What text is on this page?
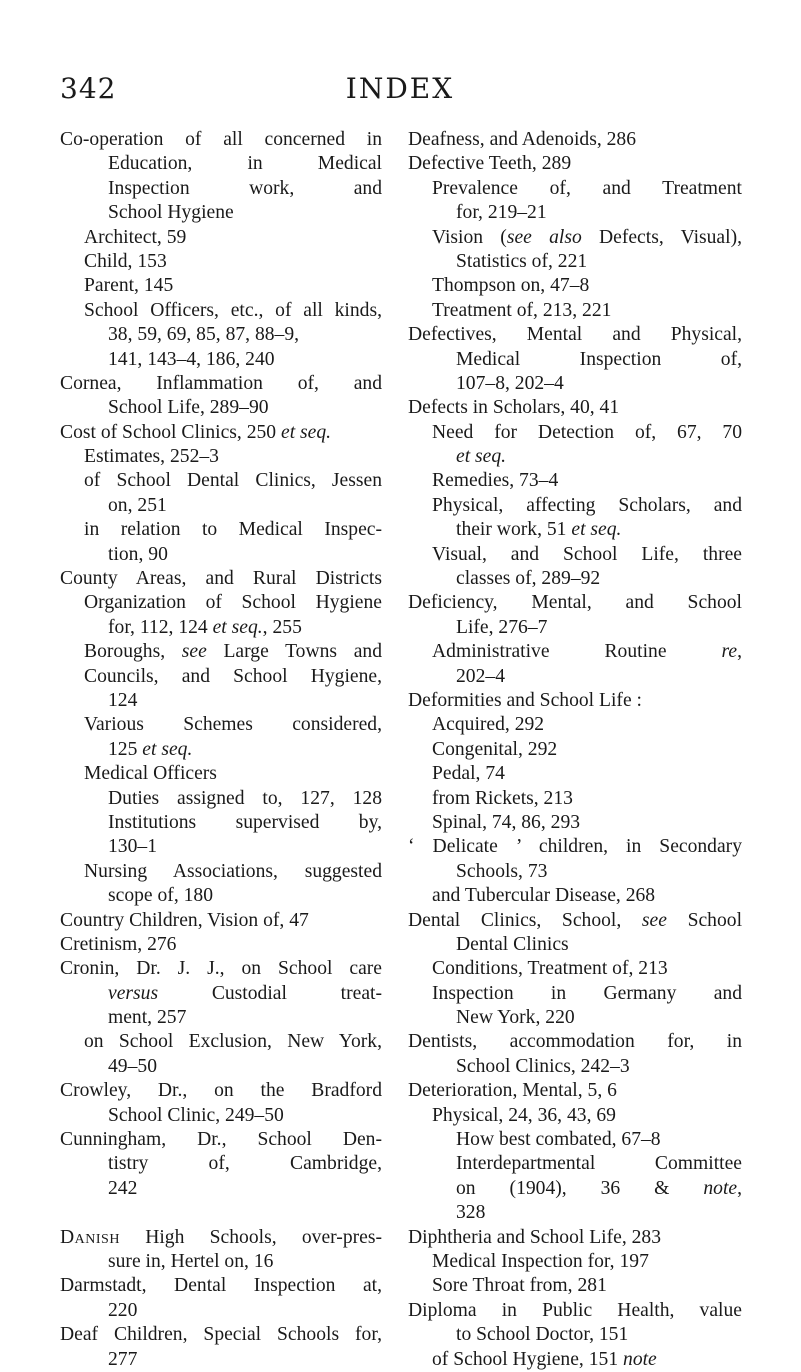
342	INDEX
Co-operation of all concerned in
Education, in Medical
Inspection work, and
School Hygiene
Architect, 59
Child, 153
Parent, 145
School Officers, etc., of all kinds,
38, 59, 69, 85, 87, 88–9,
141, 143–4, 186, 240
Cornea, Inflammation of, and
School Life, 289–90
Cost of School Clinics, 250 et seq.
Estimates, 252–3
of School Dental Clinics, Jessen
on, 251
in relation to Medical Inspec-
tion, 90
County Areas, and Rural Districts
Organization of School Hygiene
for, 112, 124 et seq., 255
Boroughs, see Large Towns and
Councils, and School Hygiene,
124
Various Schemes considered,
125 et seq.
Medical Officers
Duties assigned to, 127, 128
Institutions supervised by,
130–1
Nursing Associations, suggested
scope of, 180
Country Children, Vision of, 47
Cretinism, 276
Cronin, Dr. J. J., on School care
versus Custodial treat-
ment, 257
on School Exclusion, New York,
49–50
Crowley, Dr., on the Bradford
School Clinic, 249–50
Cunningham, Dr., School Den-
tistry of, Cambridge,
242
Danish High Schools, over-pres-
sure in, Hertel on, 16
Darmstadt, Dental Inspection at,
220
Deaf Children, Special Schools for,
277
Deafness, and Adenoids, 286
Defective Teeth, 289
Prevalence of, and Treatment
for, 219–21
Vision (see also Defects, Visual),
Statistics of, 221
Thompson on, 47–8
Treatment of, 213, 221
Defectives, Mental and Physical,
Medical Inspection of,
107–8, 202–4
Defects in Scholars, 40, 41
Need for Detection of, 67, 70
et seq.
Remedies, 73–4
Physical, affecting Scholars, and
their work, 51 et seq.
Visual, and School Life, three
classes of, 289–92
Deficiency, Mental, and School
Life, 276–7
Administrative Routine re,
202–4
Deformities and School Life :
Acquired, 292
Congenital, 292
Pedal, 74
from Rickets, 213
Spinal, 74, 86, 293
‘ Delicate ’ children, in Secondary
Schools, 73
and Tubercular Disease, 268
Dental Clinics, School, see School
Dental Clinics
Conditions, Treatment of, 213
Inspection in Germany and
New York, 220
Dentists, accommodation for, in
School Clinics, 242–3
Deterioration, Mental, 5, 6
Physical, 24, 36, 43, 69
How best combated, 67–8
Interdepartmental Committee
on (1904), 36 & note,
328
Diphtheria and School Life, 283
Medical Inspection for, 197
Sore Throat from, 281
Diploma in Public Health, value
to School Doctor, 151
of School Hygiene, 151 note
